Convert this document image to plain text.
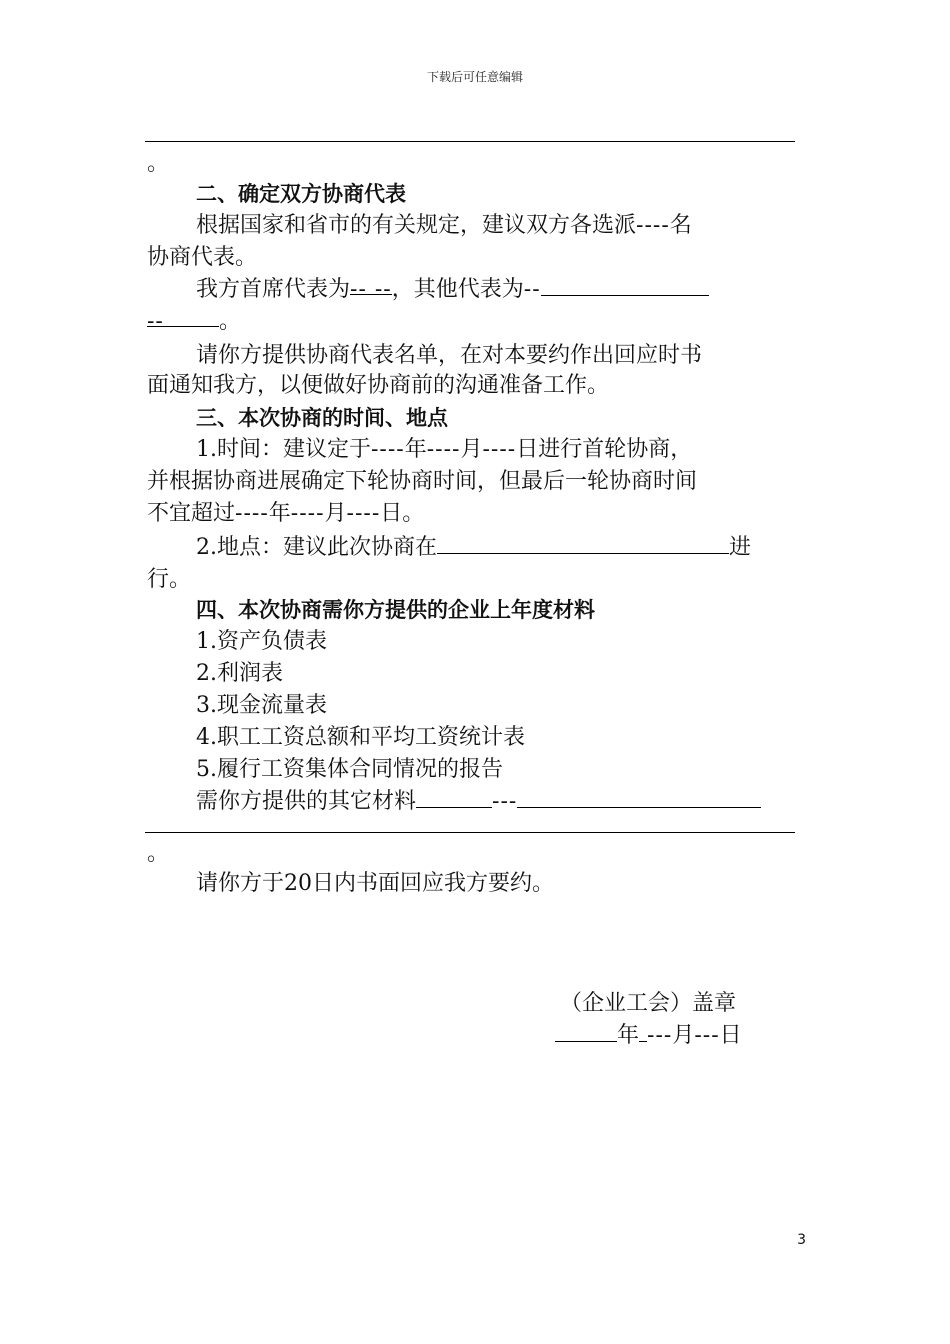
下载后可任意编辑
。
二、确定双方协商代表
根据国家和省市的有关规定，建议双方各选派----名
协商代表。
我方首席代表为-- --，其他代表为--
--	。
请你方提供协商代表名单，在对本要约作出回应时书
面通知我方，以便做好协商前的沟通准备工作。
三、本次协商的时间、地点
1.时间：建议定于----年----月----日进行首轮协商，
并根据协商进展确定下轮协商时间，但最后一轮协商时间
不宜超过----年----月----日。
2.地点：建议此次协商在	进
行。
四、本次协商需你方提供的企业上年度材料
1.资产负债表
2.利润表
3.现金流量表
4.职工工资总额和平均工资统计表
5.履行工资集体合同情况的报告
需你方提供的其它材料	---
。
请你方于20日内书面回应我方要约。
（企业工会）盖章
年 ---月---日
3
